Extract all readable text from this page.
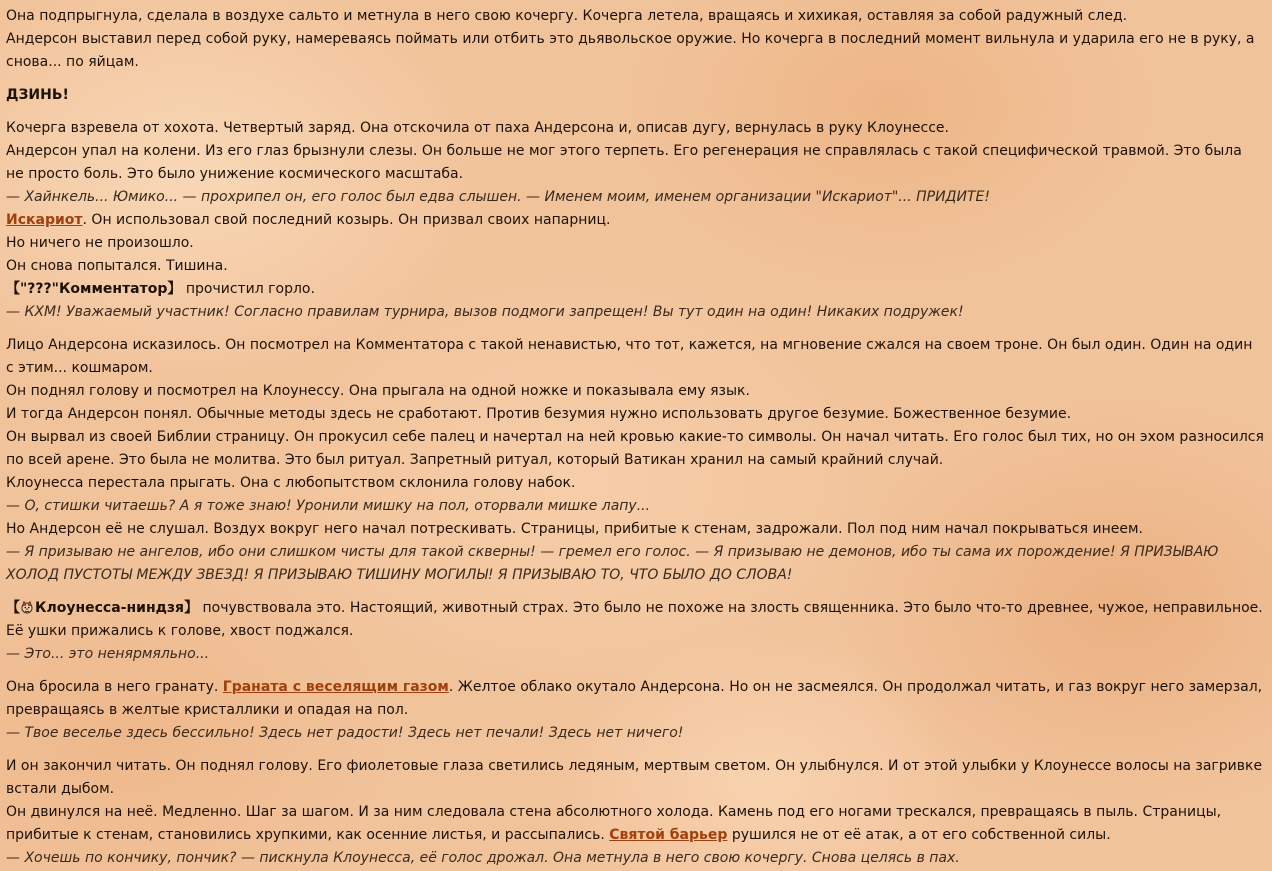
Она подпрыгнула, сделала в воздухе сальто и метнула в него свою кочергу. Кочерга летела, вращаясь и хихикая, оставляя за собой радужный след.

Андерсон выставил перед собой руку, намереваясь поймать или отбить это дьявольское оружие. Но кочерга в последний момент вильнула и ударила его не в руку, а снова... по яйцам.

ДЗИНЬ!

Кочерга взревела от хохота. Четвертый заряд. Она отскочила от паха Андерсона и, описав дугу, вернулась в руку Клоунессе.

Андерсон упал на колени. Из его глаз брызнули слезы. Он больше не мог этого терпеть. Его регенерация не справлялась с такой специфической травмой. Это была не просто боль. Это было унижение космического масштаба.

— Хайнкель... Юмико... — прохрипел он, его голос был едва слышен. — Именем моим, именем организации "Искариот"... ПРИДИТЕ!

Искариот. Он использовал свой последний козырь. Он призвал своих напарниц.

Но ничего не произошло.

Он снова попытался. Тишина.

【"???"Комментатор】 прочистил горло.

— КХМ! Уважаемый участник! Согласно правилам турнира, вызов подмоги запрещен! Вы тут один на один! Никаких подружек!

Лицо Андерсона исказилось. Он посмотрел на Комментатора с такой ненавистью, что тот, кажется, на мгновение сжался на своем троне. Он был один. Один на один с этим... кошмаром.

Он поднял голову и посмотрел на Клоунессу. Она прыгала на одной ножке и показывала ему язык.

И тогда Андерсон понял. Обычные методы здесь не сработают. Против безумия нужно использовать другое безумие. Божественное безумие.

Он вырвал из своей Библии страницу. Он прокусил себе палец и начертал на ней кровью какие-то символы. Он начал читать. Его голос был тих, но он эхом разносился по всей арене. Это была не молитва. Это был ритуал. Запретный ритуал, который Ватикан хранил на самый крайний случай.

Клоунесса перестала прыгать. Она с любопытством склонила голову набок.

— О, стишки читаешь? А я тоже знаю! Уронили мишку на пол, оторвали мишке лапу...

Но Андерсон её не слушал. Воздух вокруг него начал потрескивать. Страницы, прибитые к стенам, задрожали. Пол под ним начал покрываться инеем.

— Я призываю не ангелов, ибо они слишком чисты для такой скверны! — гремел его голос. — Я призываю не демонов, ибо ты сама их порождение! Я ПРИЗЫВАЮ ХОЛОД ПУСТОТЫ МЕЖДУ ЗВЕЗД! Я ПРИЗЫВАЮ ТИШИНУ МОГИЛЫ! Я ПРИЗЫВАЮ ТО, ЧТО БЫЛО ДО СЛОВА!

【 Клоунесса-ниндзя】 почувствовала это. Настоящий, животный страх. Это было не похоже на злость священника. Это было что-то древнее, чужое, неправильное. Её ушки прижались к голове, хвост поджался.

— Это... это ненярмяльно...

Она бросила в него гранату. Граната с веселящим газом. Желтое облако окутало Андерсона. Но он не засмеялся. Он продолжал читать, и газ вокруг него замерзал, превращаясь в желтые кристаллики и опадая на пол.

— Твое веселье здесь бессильно! Здесь нет радости! Здесь нет печали! Здесь нет ничего!

И он закончил читать. Он поднял голову. Его фиолетовые глаза светились ледяным, мертвым светом. Он улыбнулся. И от этой улыбки у Клоунессе волосы на загривке встали дыбом.

Он двинулся на неё. Медленно. Шаг за шагом. И за ним следовала стена абсолютного холода. Камень под его ногами трескался, превращаясь в пыль. Страницы, прибитые к стенам, становились хрупкими, как осенние листья, и рассыпались. Святой барьер рушился не от её атак, а от его собственной силы.

— Хочешь по кончику, пончик? — пискнула Клоунесса, её голос дрожал. Она метнула в него свою кочергу. Снова целясь в пах.
